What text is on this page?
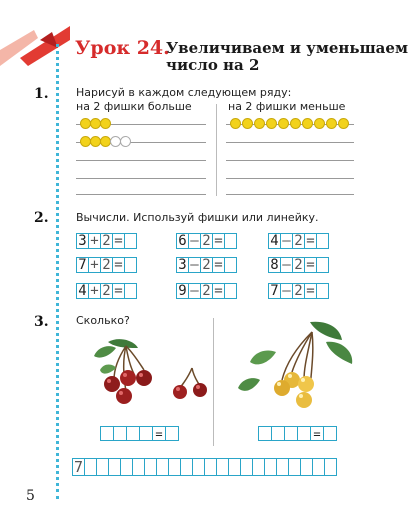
Урок 24.
Увеличиваем и уменьшаем
число на 2
1. Нарисуй в каждом следующем ряду:
на 2 фишки больше	на 2 фишки меньше
2. Вычисли. Используй фишки или линейку.
3 + 2 =	6 – 2 =	4 – 2 =
7 + 2 =	3 – 2 =	8 – 2 =
4 + 2 =	9 – 2 =	7 – 2 =
3. Сколько?
=	=
7
5
